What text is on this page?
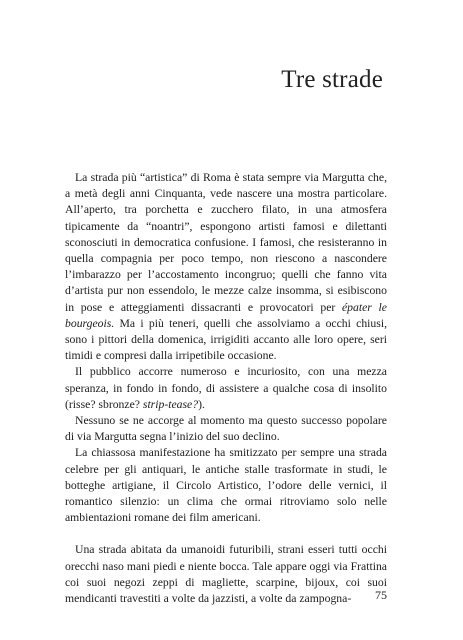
Tre strade

La strada più “artistica” di Roma è stata sempre via Margutta che, a metà degli anni Cinquanta, vede nascere una mostra particolare. All’aperto, tra porchetta e zucchero filato, in una atmosfera tipicamente da “noantri”, espongono artisti famosi e dilettanti sconosciuti in democratica confusione. I famosi, che resisteranno in quella compagnia per poco tempo, non riescono a nascondere l’imbarazzo per l’accostamento incongruo; quelli che fanno vita d’artista pur non essendolo, le mezze calze insomma, si esibiscono in pose e atteggiamenti dissacranti e provocatori per épater le bourgeois. Ma i più teneri, quelli che assolviamo a occhi chiusi, sono i pittori della domenica, irrigiditi accanto alle loro opere, seri timidi e compresi dalla irripetibile occasione.

Il pubblico accorre numeroso e incuriosito, con una mezza speranza, in fondo in fondo, di assistere a qualche cosa di insolito (risse? sbronze? strip-tease?).

Nessuno se ne accorge al momento ma questo successo popolare di via Margutta segna l’inizio del suo declino.

La chiassosa manifestazione ha smitizzato per sempre una strada celebre per gli antiquari, le antiche stalle trasformate in studi, le botteghe artigiane, il Circolo Artistico, l’odore delle vernici, il romantico silenzio: un clima che ormai ritroviamo solo nelle ambientazioni romane dei film americani.

Una strada abitata da umanoidi futuribili, strani esseri tutti occhi orecchi naso mani piedi e niente bocca. Tale appare oggi via Frattina coi suoi negozi zeppi di magliette, scarpine, bijoux, coi suoi mendicanti travestiti a volte da jazzisti, a volte da zampogna-	75
